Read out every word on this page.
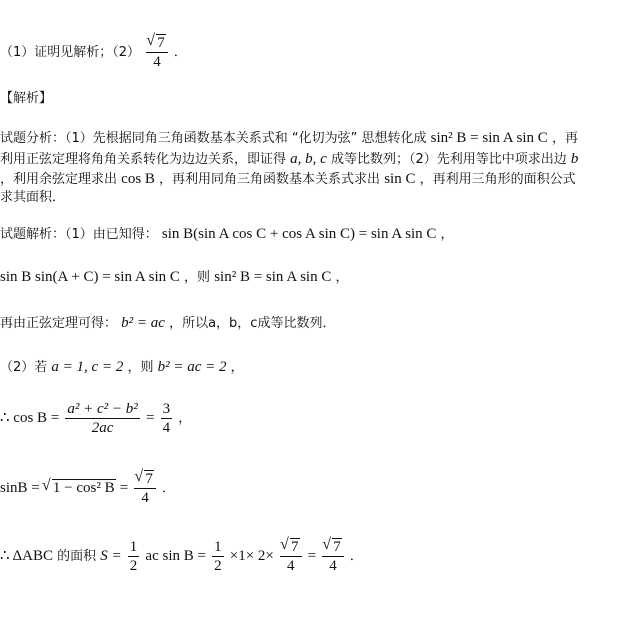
（1）证明见解析；（2） √ $\frac{7}{4}$ ．
【解析】
试题分析：（1）先根据同角三角函数基本关系式和 “化切为弦” 思想转化成 sin² B = sin A sin C ，再
利用正弦定理将角角关系转化为边边关系，即证得 a, b, c 成等比数列；（2）先利用等比中项求出边 b
，利用余弦定理求出 cos B ，再利用同角三角函数基本关系式求出 sin C ，再利用三角形的面积公式
求其面积．
试题解析：（1）由已知得： sin B(sin A cos C + cos A sin C) = sin A sin C ，
sin B sin(A + C) = sin A sin C ，则 sin² B = sin A sin C ，
再由正弦定理可得： b² = ac ，所以a，b，c成等比数列．
（2）若 a = 1, c = 2 ，则 b² = ac = 2 ，
∴ $\cos B = \frac{\text{a² + c² − b²}}{2ac} = \frac{3}{4}$ ，
sinB = √ 1 − cos² B = √ $\frac{7}{4}$ ．
∴ ΔABC 的面积 $S = \frac{1}{2}$ ac $\sin B = \frac{1}{2} \times 1\times 2\times$ √ $\frac{7}{4}$ = √ $\frac{7}{4}$ ．
